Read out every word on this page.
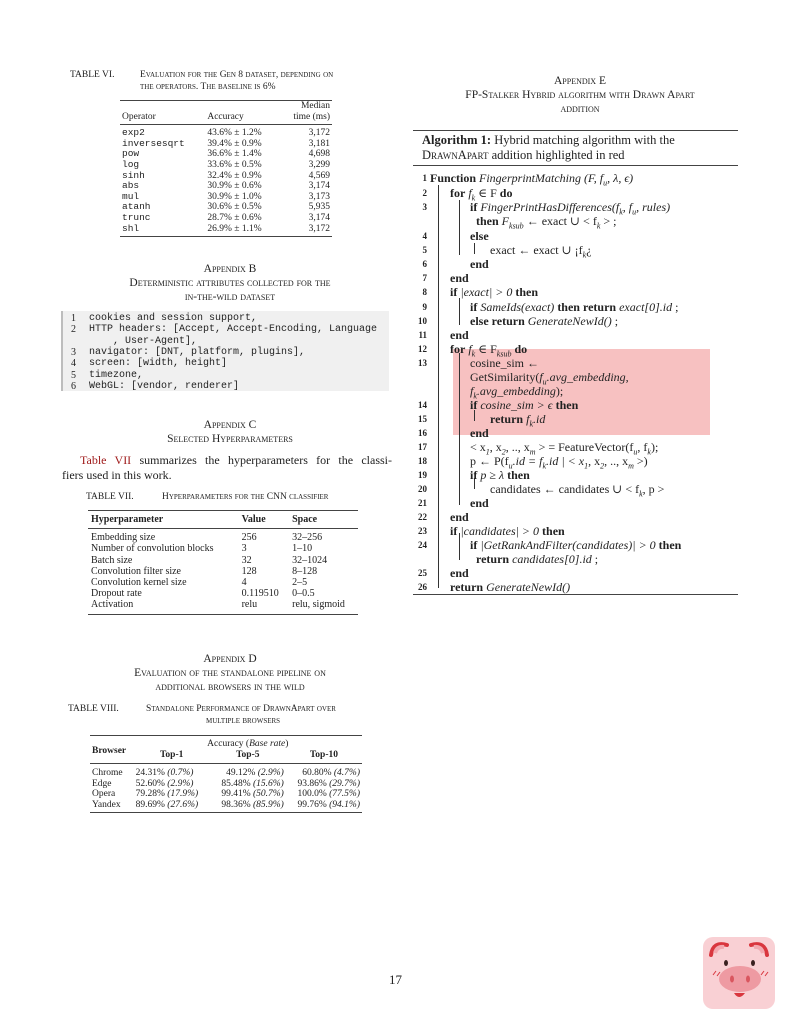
TABLE VI.	Evaluation for the Gen 8 dataset, depending on
the operators. The baseline is 6%
Operator	Accuracy	Median
time (ms)

exp2	43.6% ± 1.2%	3,172
inversesqrt	39.4% ± 0.9%	3,181
pow	36.6% ± 1.4%	4,698
log	33.6% ± 0.5%	3,299
sinh	32.4% ± 0.9%	4,569
abs	30.9% ± 0.6%	3,174
mul	30.9% ± 1.0%	3,173
atanh	30.6% ± 0.5%	5,935
trunc	28.7% ± 0.6%	3,174
shl	26.9% ± 1.1%	3,172

Appendix B
Deterministic attributes collected for the
in-the-wild dataset
1 cookies and session support,
2 HTTP headers: [Accept, Accept-Encoding, Language
, User-Agent],
3 navigator: [DNT, platform, plugins],
4 screen: [width, height]
5 timezone,
6 WebGL: [vendor, renderer]
Appendix C
Selected Hyperparameters
Table VII summarizes the hyperparameters for the classi-
fiers used in this work.
TABLE VII.	Hyperparameters for the CNN classifier
Hyperparameter	Value	Space

Embedding size	256	32–256
Number of convolution blocks	3	1–10
Batch size	32	32–1024
Convolution filter size	128	8–128
Convolution kernel size	4	2–5
Dropout rate	0.119510	0–0.5
Activation	relu	relu, sigmoid

Appendix D
Evaluation of the standalone pipeline on
additional browsers in the wild
TABLE VIII.	Standalone Performance of DrawnApart over
multiple browsers
Browser	Accuracy (Base rate)		
	Top-1	Top-5	Top-10

Chrome	24.31% (0.7%)	49.12% (2.9%)	60.80% (4.7%)
Edge	52.60% (2.9%)	85.48% (15.6%)	93.86% (29.7%)
Opera	79.28% (17.9%)	99.41% (50.7%)	100.0% (77.5%)
Yandex	89.69% (27.6%)	98.36% (85.9%)	99.76% (94.1%)

Appendix E
FP-Stalker Hybrid algorithm with Drawn Apart
addition
Algorithm 1: Hybrid matching algorithm with the
DrawnApart addition highlighted in red
1 Function FingerprintMatching (F, $f_u$, λ, ϵ)
2 for $f_k$ ∈ F do
3	if $FingerPrintHasDifferences(f_k$, $f_u$, rules)
then $F_{ksub}$ ← exact ∪ < $f_k$ > ;
4	else
5	exact ← exact ∪ ¡$f_k¿$
6	end
7 end
8 if |exact| > 0 then
9	if SameIds(exact) then return exact[0].id ;
10	else return GenerateNewId() ;
11 end
12 for $f_k$ ∈ $F_{ksub}$ do
13	cosine_sim ←
$GetSimilarity(f_u.avg\_embedding$,
$f_k.avg\_embedding$);
14	if cosine_sim > ϵ then
15	return $f_k.id$
16	end
17	< $x_1$, $x_2$, .., $x_m$ > = $FeatureVector(f_u$, $f_k$);
18	p ← $P(f_u.id = f_k.id$ | < $x_1$, $x_2$, .., $x_m$ >)
19	if p ≥ λ then
20	candidates ← candidates ∪ < $f_k$, p >
21	end
22 end
23 if |candidates| > 0 then
24	if |GetRankAndFilter(candidates)| > 0 then
return candidates[0].id ;
25 end
26 return GenerateNewId()
17
